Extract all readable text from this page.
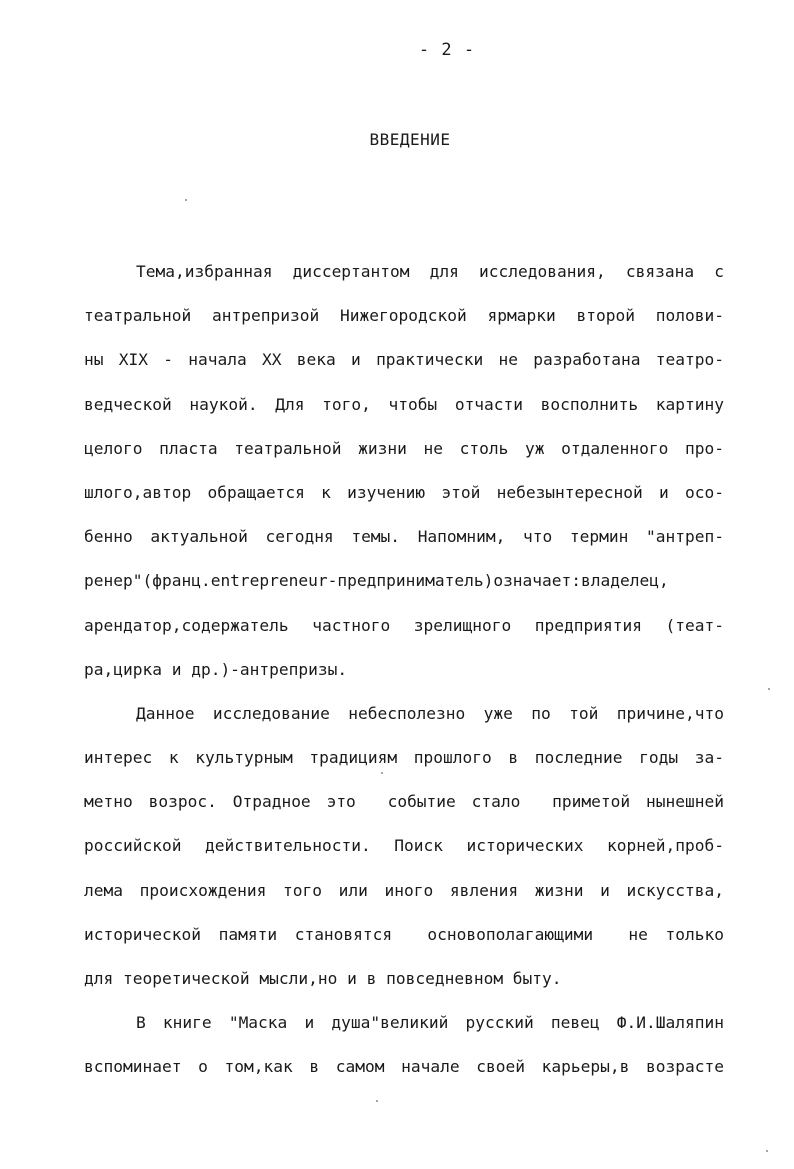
- 2 -
ВВЕДЕНИЕ
Тема,избранная диссертантом для исследования, связана с
театральной антрепризой Нижегородской ярмарки второй полови-
ны XIX - начала XX века и практически не разработана театро-
ведческой наукой. Для того, чтобы отчасти восполнить картину
целого пласта театральной жизни не столь уж отдаленного про-
шлого,автор обращается к изучению этой небезынтересной и осо-
бенно актуальной сегодня темы. Напомним, что термин "антреп-
ренер"(франц.entrepreneur-предприниматель)означает:владелец,
арендатор,содержатель частного зрелищного предприятия (теат-
ра,цирка и др.)-антрепризы.
Данное исследование небесполезно уже по той причине,что
интерес к культурным традициям прошлого в последние годы за-
метно возрос. Отрадное это  событие стало  приметой нынешней
российской действительности. Поиск исторических корней,проб-
лема происхождения того или иного явления жизни и искусства,
исторической памяти становятся  основополагающими  не только
для теоретической мысли,но и в повседневном быту.
В книге "Маска и душа"великий русский певец Ф.И.Шаляпин
вспоминает о том,как в самом начале своей карьеры,в возрасте
